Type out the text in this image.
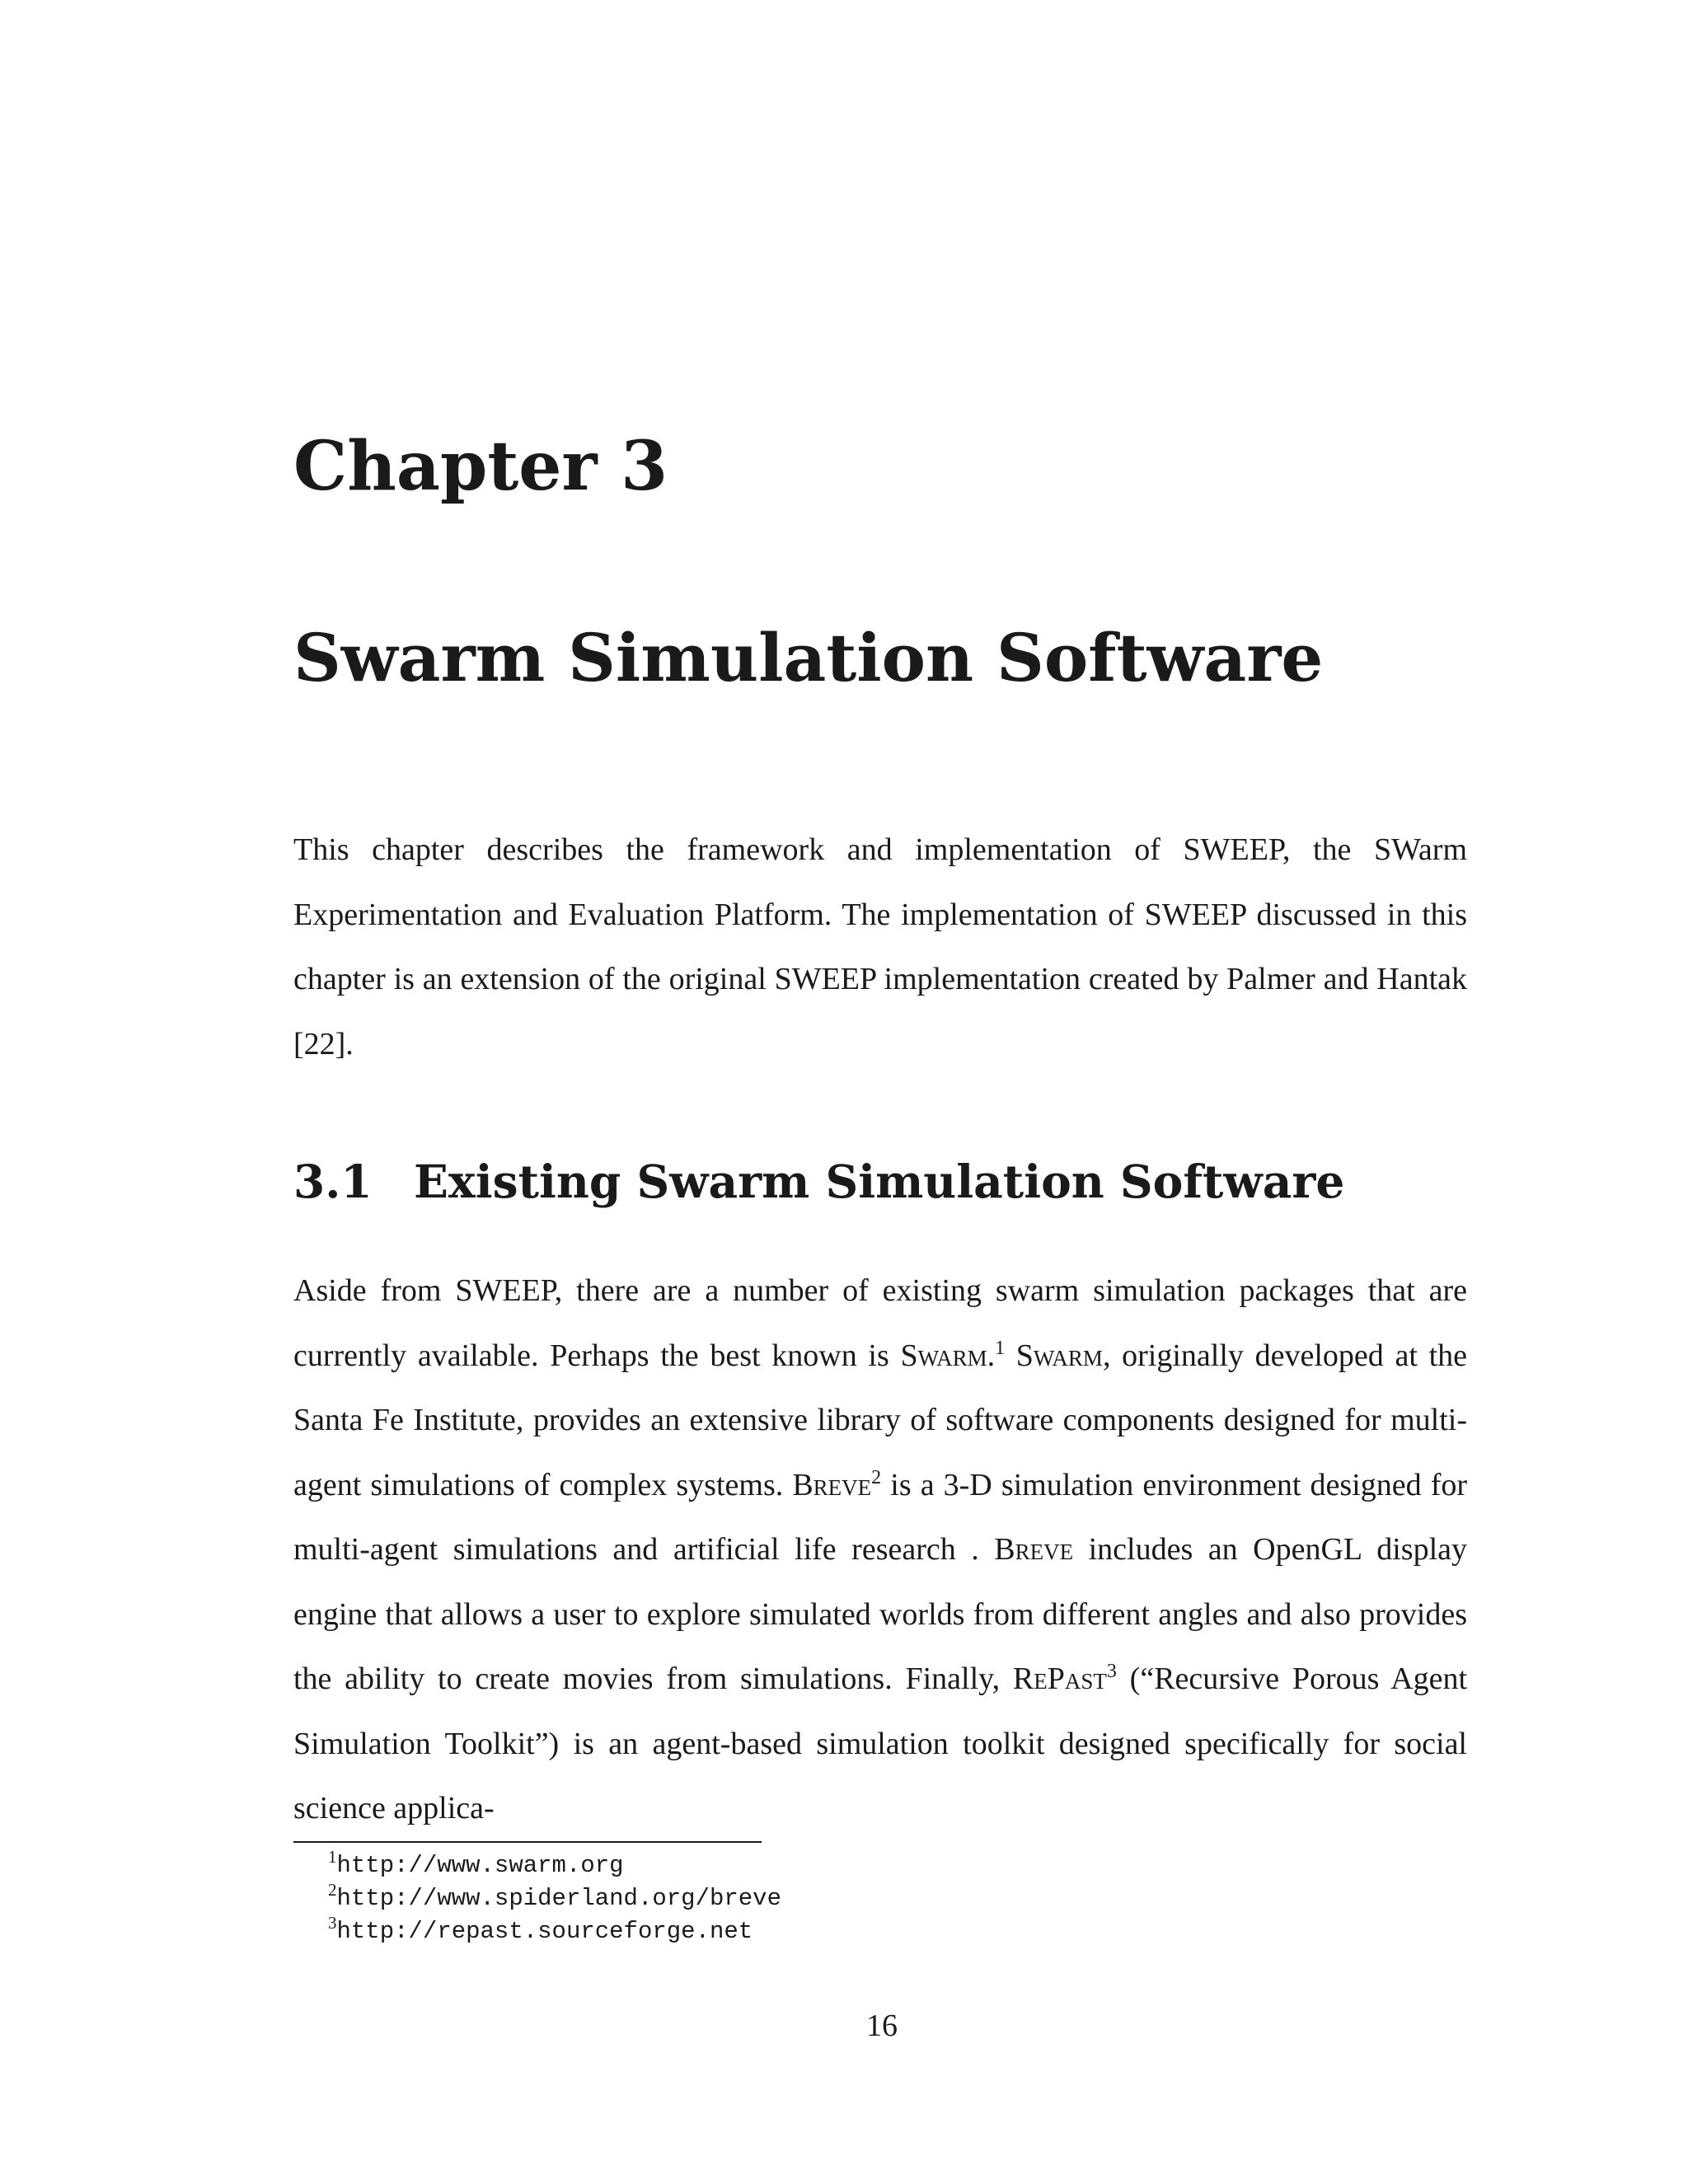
Chapter 3
Swarm Simulation Software

This chapter describes the framework and implementation of SWEEP, the SWarm Experimentation and Evaluation Platform. The implementation of SWEEP discussed in this chapter is an extension of the original SWEEP implementation created by Palmer and Hantak [22].

3.1 Existing Swarm Simulation Software

Aside from SWEEP, there are a number of existing swarm simulation packages that are currently available. Perhaps the best known is Swarm.$^1$ Swarm, originally developed at the Santa Fe Institute, provides an extensive library of software components designed for multi-agent simulations of complex systems. Breve$^2$ is a 3-D simulation environment designed for multi-agent simulations and artificial life research . Breve includes an OpenGL display engine that allows a user to explore simulated worlds from different angles and also provides the ability to create movies from simulations. Finally, RePast$^3$ (“Recursive Porous Agent Simulation Toolkit”) is an agent-based simulation toolkit designed specifically for social science applica-

$^1$http://www.swarm.org
$^2$http://www.spiderland.org/breve
$^3$http://repast.sourceforge.net

16
